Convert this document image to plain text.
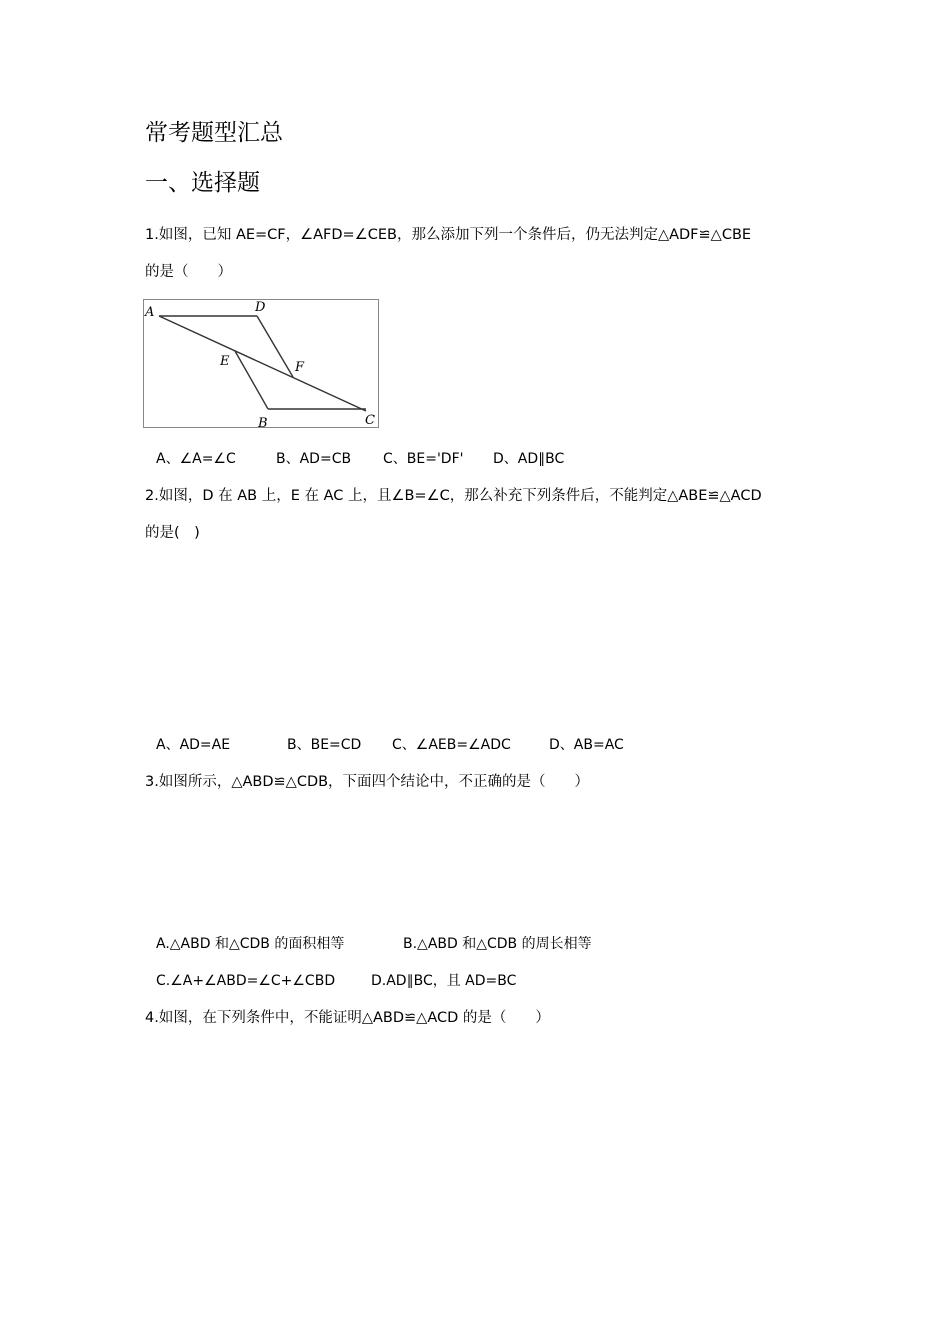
常考题型汇总
一、选择题
1.如图，已知 AE=CF，∠AFD=∠CEB，那么添加下列一个条件后，仍无法判定△ADF≌△CBE
的是（　　）
A	D
E	F
B	C
A、∠A=∠C	B、AD=CB C、BE='DF' D、AD∥BC
2.如图，D 在 AB 上，E 在 AC 上，且∠B=∠C，那么补充下列条件后，不能判定△ABE≌△ACD
的是(　)
A、AD=AE	B、BE=CD C、∠AEB=∠ADC	D、AB=AC
3.如图所示，△ABD≌△CDB，下面四个结论中，不正确的是（　　）
A.△ABD 和△CDB 的面积相等	B.△ABD 和△CDB 的周长相等
C.∠A+∠ABD=∠C+∠CBD	D.AD∥BC，且 AD=BC
4.如图，在下列条件中，不能证明△ABD≌△ACD 的是（　　）
